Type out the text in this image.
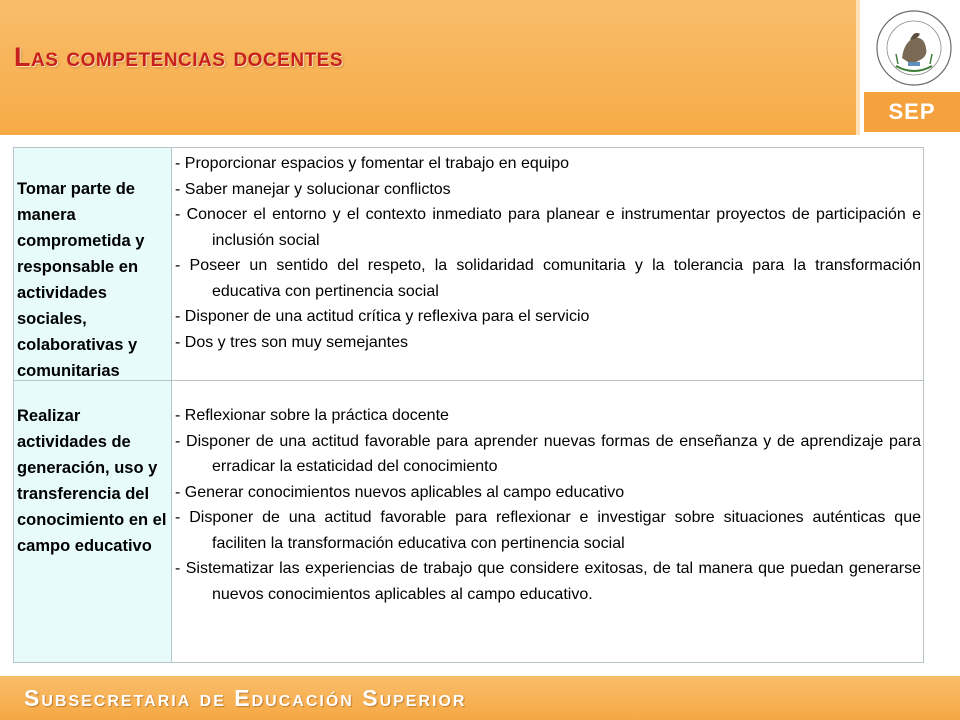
Las competencias docentes
SEP
Tomar parte de manera comprometida y responsable en actividades sociales, colaborativas y comunitarias
- Proporcionar espacios y fomentar el trabajo en equipo
- Saber manejar y solucionar conflictos
- Conocer el entorno y el contexto inmediato para planear e instrumentar proyectos de participación e inclusión social
- Poseer un sentido del respeto, la solidaridad comunitaria y la tolerancia para la transformación educativa con pertinencia social
- Disponer de una actitud crítica y reflexiva para el servicio
- Dos y tres son muy semejantes
Realizar actividades de generación, uso y transferencia del conocimiento en el campo educativo
- Reflexionar sobre la práctica docente
- Disponer de una actitud favorable para aprender nuevas formas de enseñanza y de aprendizaje para erradicar la estaticidad del conocimiento
- Generar conocimientos nuevos aplicables al campo educativo
- Disponer de una actitud favorable para reflexionar e investigar sobre situaciones auténticas que faciliten la transformación educativa con pertinencia social
- Sistematizar las experiencias de trabajo que considere exitosas, de tal manera que puedan generarse nuevos conocimientos aplicables al campo educativo.
Subsecretaria de Educación Superior
